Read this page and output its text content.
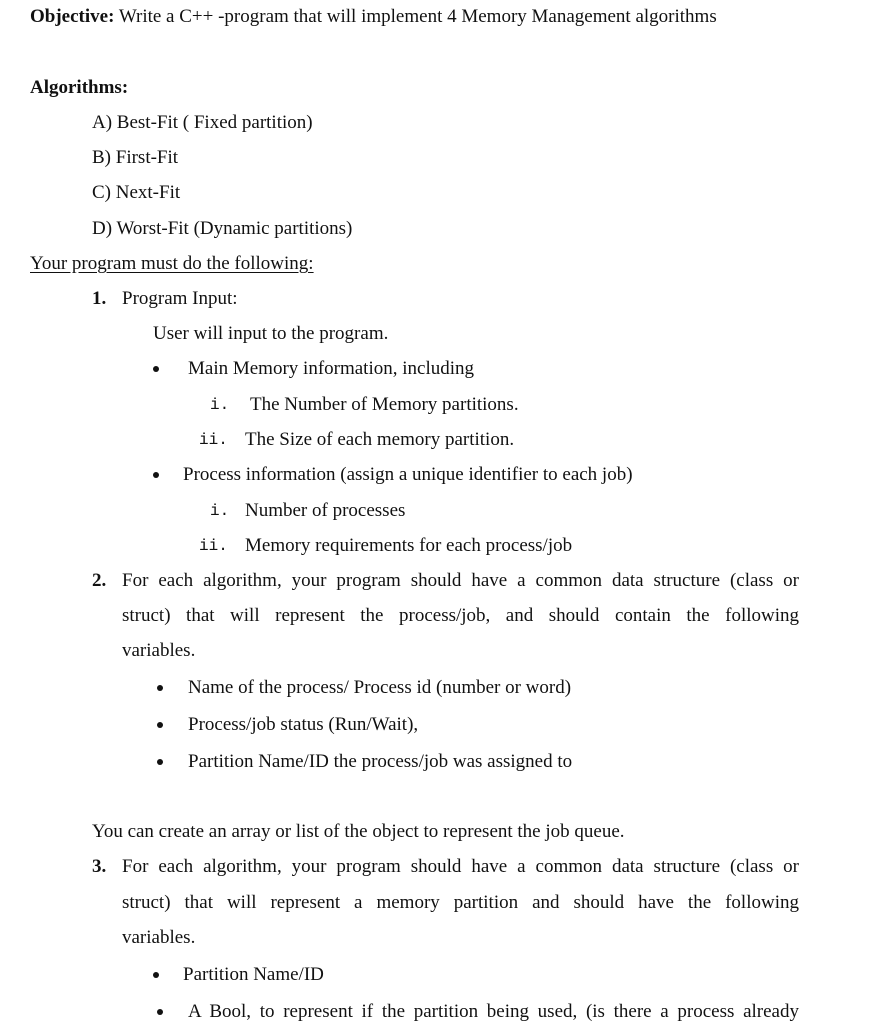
Objective: Write a C++ -program that will implement 4 Memory Management algorithms
Algorithms:
A) Best-Fit ( Fixed partition)
B) First-Fit
C) Next-Fit
D) Worst-Fit (Dynamic partitions)
Your program must do the following:
1. Program Input:
User will input to the program.
Main Memory information, including
i. The Number of Memory partitions.
ii. The Size of each memory partition.
Process information (assign a unique identifier to each job)
i. Number of processes
ii. Memory requirements for each process/job
2. For each algorithm, your program should have a common data structure (class or
struct) that will represent the process/job, and should contain the following
variables.
Name of the process/ Process id (number or word)
Process/job status (Run/Wait),
Partition Name/ID the process/job was assigned to
You can create an array or list of the object to represent the job queue.
3. For each algorithm, your program should have a common data structure (class or
struct) that will represent a memory partition and should have the following
variables.
Partition Name/ID
A Bool, to represent if the partition being used, (is there a process already
